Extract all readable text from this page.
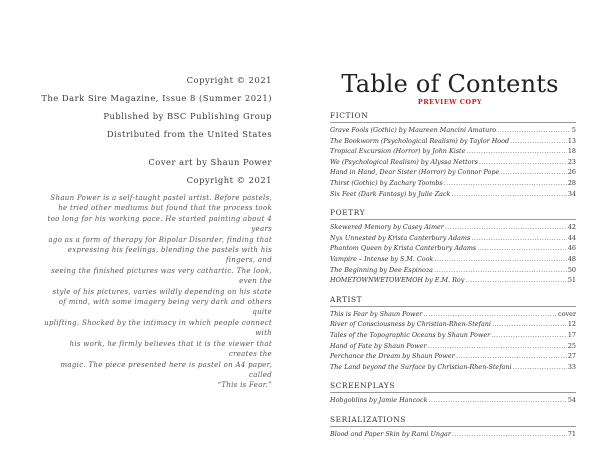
Copyright © 2021
The Dark Sire Magazine, Issue 8 (Summer 2021)
Published by BSC Publishing Group
Distributed from the United States
Cover art by Shaun Power
Copyright © 2021

Shaun Power is a self-taught pastel artist. Before pastels,

he tried other mediums but found that the process took

too long for his working pace. He started painting about 4 years

ago as a form of therapy for Bipolar Disorder, finding that

expressing his feelings, blending the pastels with his fingers, and

seeing the finished pictures was very cathartic. The look, even the

style of his pictures, varies wildly depending on his state

of mind, with some imagery being very dark and others quite

uplifting. Shocked by the intimacy in which people connect with

his work, he firmly believes that it is the viewer that creates the

magic. The piece presented here is pastel on A4 paper, called

“This is Fear.”

Table of Contents
PREVIEW COPY
FICTION
Grave Fools (Gothic) by Maureen Mancini Amaturo .....	5
The Bookworm (Psychological Realism) by Taylor Hood .....	13
Tropical Excursion (Horror) by John Kiste .....	18
We (Psychological Realism) by Alyssa Nettors .....	23
Hand in Hand, Dear Sister (Horror) by Connor Pope .....	26
Thirst (Gothic) by Zachary Toombs .....	28
Six Feet (Dark Fantasy) by Julie Zack .....	34
POETRY
Skewered Memory by Casey Aimer .....	42
Nyx Unnested by Krista Canterbury Adams .....	44
Phantom Queen by Krista Canterbury Adams .....	46
Vampire – Intense by S.M. Cook .....	48
The Beginning by Dee Espinoza .....	50
HOMETOWNWETOWEMOH by E.M. Roy .....	51
ARTIST
This is Fear by Shaun Power .....	cover
River of Consciousness by Christian-Rhen-Stefani .....	12
Tales of the Topographic Oceans by Shaun Power .....	17
Hand of Fate by Shaun Power .....	25
Perchance the Dream by Shaun Power .....	27
The Land beyond the Surface by Christian-Rhen-Stefani .....	33
SCREENPLAYS
Hobgoblins by Jamie Hancock .....	54
SERIALIZATIONS
Blood and Paper Skin by Rami Ungar .....	71
